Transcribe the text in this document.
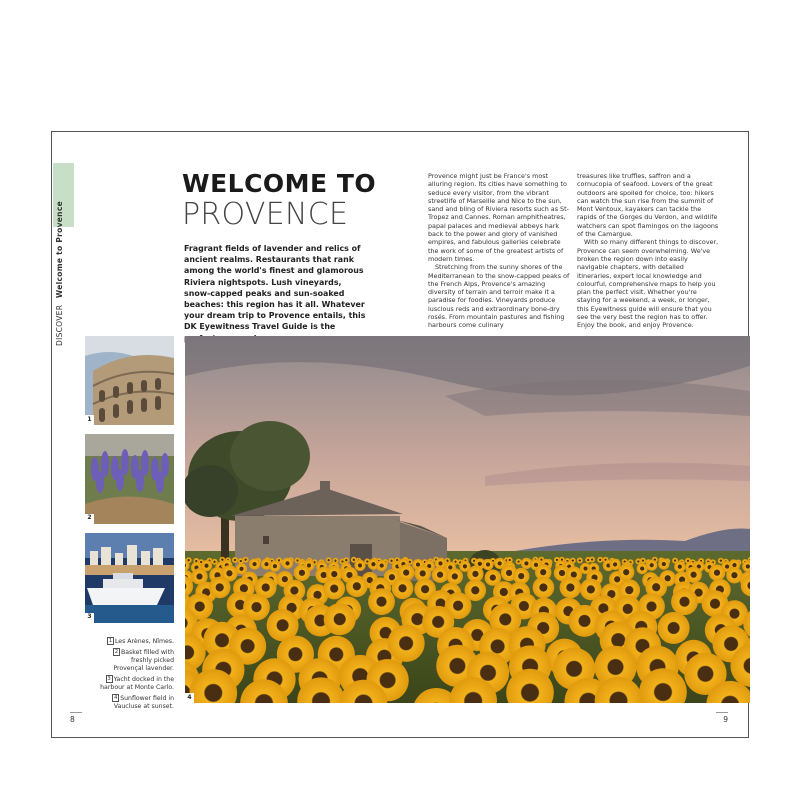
DISCOVER Welcome to Provence
WELCOME TO
PROVENCE
Fragrant fields of lavender and relics of ancient realms. Restaurants that rank among the world's finest and glamorous Riviera nightspots. Lush vineyards, snow-capped peaks and sun-soaked beaches: this region has it all. Whatever your dream trip to Provence entails, this DK Eyewitness Travel Guide is the

Provence might just be France's most alluring region. Its cities have something to seduce every visitor, from the vibrant streetlife of Marseille and Nice to the sun, sand and bling of Riviera resorts such as St-Tropez and Cannes. Roman amphitheatres, papal palaces and medieval abbeys hark back to the power and glory of vanished empires, and fabulous galleries celebrate the work of some of the greatest artists of modern times.

Stretching from the sunny shores of the Mediterranean to the snow-capped peaks of the French Alps, Provence's amazing diversity of terrain and terroir make it a paradise for foodies. Vineyards produce luscious reds and extraordinary bone-dry rosés. From mountain pastures and fishing harbours come culinary

treasures like truffles, saffron and a cornucopia of seafood. Lovers of the great outdoors are spoiled for choice, too: hikers can watch the sun rise from the summit of Mont Ventoux, kayakers can tackle the rapids of the Gorges du Verdon, and wildlife watchers can spot flamingos on the lagoons of the Camargue.

With so many different things to discover, Provence can seem overwhelming. We've broken the region down into easily navigable chapters, with detailed itineraries, expert local knowledge and colourful, comprehensive maps to help you plan the perfect visit. Whether you're staying for a weekend, a week, or longer, this Eyewitness guide will ensure that you see the very best the region has to offer. Enjoy the book, and enjoy Provence.

1
2
3
4
1 Les Arènes, Nîmes.
2 Basket filled with freshly picked Provençal lavender.
3 Yacht docked in the harbour at Monte Carlo.
4 Sunflower field in Vaucluse at sunset.
8	9
